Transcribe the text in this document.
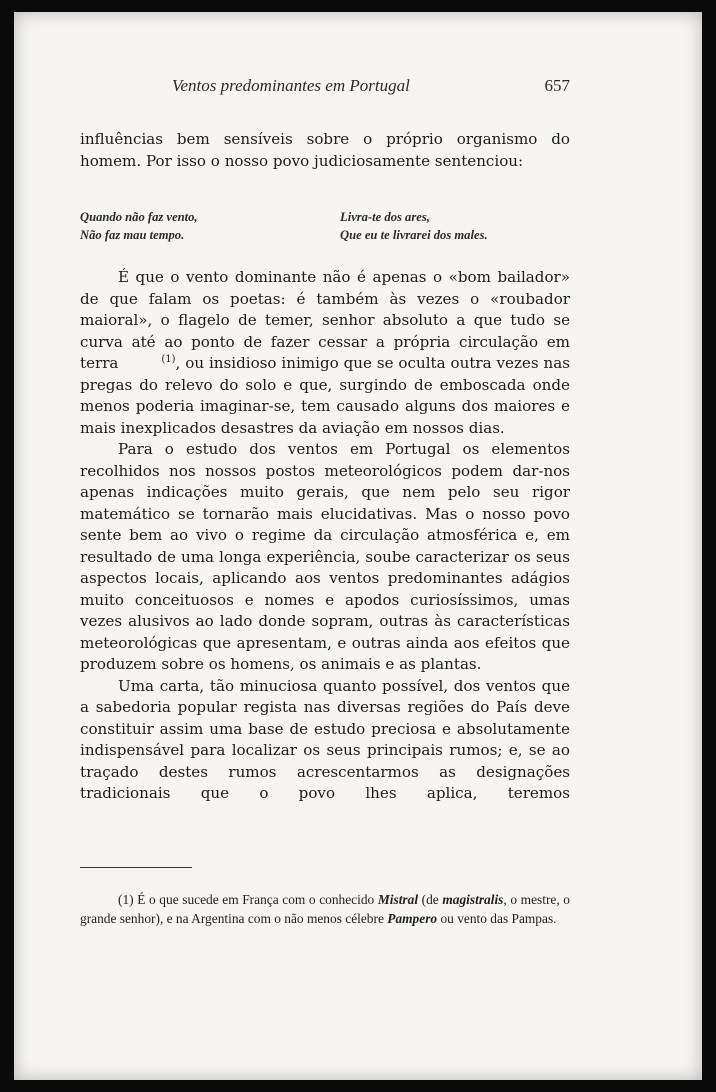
Ventos predominantes em Portugal	657

influências bem sensíveis sobre o próprio organismo do homem. Por isso o nosso povo judiciosamente sentenciou:

Quando não faz vento,
Não faz mau tempo.
Livra-te dos ares,
Que eu te livrarei dos males.

É que o vento dominante não é apenas o «bom bailador» de que falam os poetas: é também às vezes o «roubador maioral», o flagelo de temer, senhor absoluto a que tudo se curva até ao ponto de fazer cessar a própria circulação em terra	(1), ou insidioso inimigo que se oculta outra vezes nas pregas do relevo do solo e que, surgindo de emboscada onde menos poderia imaginar-se, tem causado alguns dos maiores e mais inexplicados desastres da aviação em nossos dias.

Para o estudo dos ventos em Portugal os elementos recolhidos nos nossos postos meteorológicos podem dar-nos apenas indicações muito gerais, que nem pelo seu rigor matemático se tornarão mais elucidativas. Mas o nosso povo sente bem ao vivo o regime da circulação atmosférica e, em resultado de uma longa experiência, soube caracterizar os seus aspectos locais, aplicando aos ventos predominantes adágios muito conceituosos e nomes e apodos curiosíssimos, umas vezes alusivos ao lado donde sopram, outras às características meteorológicas que apresentam, e outras ainda aos efeitos que produzem sobre os homens, os animais e as plantas.

Uma carta, tão minuciosa quanto possível, dos ventos que a sabedoria popular regista nas diversas regiões do País deve constituir assim uma base de estudo preciosa e absolutamente indispensável para localizar os seus principais rumos; e, se ao traçado destes rumos acrescentarmos as designações tradicionais que o povo lhes aplica, teremos

(1) É o que sucede em França com o conhecido Mistral (de magistralis, o mestre, o grande senhor), e na Argentina com o não menos célebre Pampero ou vento das Pampas.
